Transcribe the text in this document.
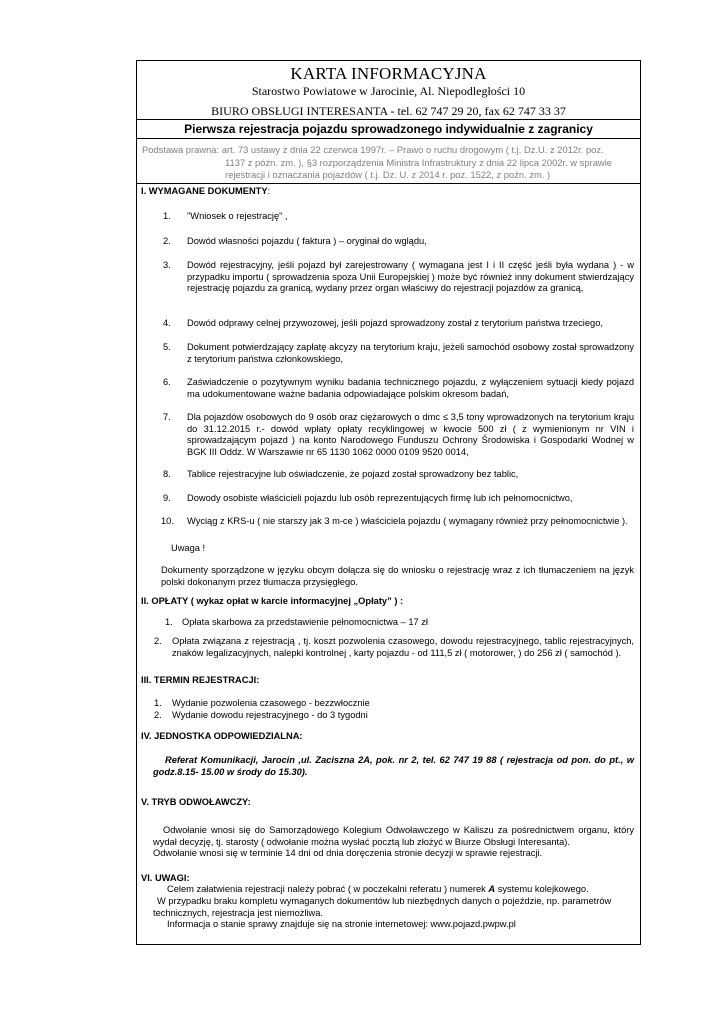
KARTA INFORMACYJNA
Starostwo Powiatowe w Jarocinie, Al. Niepodległości 10
BIURO OBSŁUGI INTERESANTA - tel. 62 747 29 20, fax 62 747 33 37
Pierwsza rejestracja pojazdu sprowadzonego indywidualnie z zagranicy
Podstawa prawna: art. 73 ustawy z dnia 22 czerwca 1997r. – Prawo o ruchu drogowym ( t.j. Dz.U. z 2012r. poz.
1137 z późn. zm. ), §3 rozporządzenia Ministra Infrastruktury z dnia 22 lipca 2002r. w sprawie
rejestracji i oznaczania pojazdów ( t.j. Dz. U. z 2014 r. poz. 1522, z poźn. zm. )
I. WYMAGANE DOKUMENTY:
1. "Wniosek o rejestrację" ,
2. Dowód własności pojazdu ( faktura ) – oryginał do wglądu,
3. Dowód rejestracyjny, jeśli pojazd był zarejestrowany ( wymagana jest I i II część jeśli była wydana ) - w przypadku importu ( sprowadzenia spoza Unii Europejskiej ) może być również inny dokument stwierdzający rejestrację pojazdu za granicą, wydany przez organ właściwy do rejestracji pojazdów za granicą,
4. Dowód odprawy celnej przywozowej, jeśli pojazd sprowadzony został z terytorium państwa trzeciego,
5. Dokument potwierdzający zapłatę akcyzy na terytorium kraju, jeżeli samochód osobowy został sprowadzony z terytorium państwa członkowskiego,
6. Zaświadczenie o pozytywnym wyniku badania technicznego pojazdu, z wyłączeniem sytuacji kiedy pojazd ma udokumentowane ważne badania odpowiadające polskim okresom badań,
7. Dla pojazdów osobowych do 9 osób oraz ciężarowych o dmc ≤ 3,5 tony wprowadzonych na terytorium kraju do 31.12.2015 r.- dowód wpłaty opłaty recyklingowej w kwocie 500 zł ( z wymienionym nr VIN i sprowadzającym pojazd ) na konto Narodowego Funduszu Ochrony Środowiska i Gospodarki Wodnej w BGK III Oddz. W Warszawie nr 65 1130 1062 0000 0109 9520 0014,
8. Tablice rejestracyjne lub oświadczenie, że pojazd został sprowadzony bez tablic,
9. Dowody osobiste właścicieli pojazdu lub osób reprezentujących firmę lub ich pełnomocnictwo,
10. Wyciąg z KRS-u ( nie starszy jak 3 m-ce ) właściciela pojazdu ( wymagany również przy pełnomocnictwie ).
Uwaga !
Dokumenty sporządzone w języku obcym dołącza się do wniosku o rejestrację wraz z ich tłumaczeniem na język polski dokonanym przez tłumacza przysięgłego.
II. OPŁATY ( wykaz opłat w karcie informacyjnej „Opłaty” ) :
1. Opłata skarbowa za przedstawienie pełnomocnictwa – 17 zł
2. Opłata związana z rejestracją , tj. koszt pozwolenia czasowego, dowodu rejestracyjnego, tablic rejestracyjnych, znaków legalizacyjnych, nalepki kontrolnej , karty pojazdu - od 111,5 zł ( motorower, ) do 256 zł ( samochód ).
III. TERMIN REJESTRACJI:
1. Wydanie pozwolenia czasowego - bezzwłocznie
2. Wydanie dowodu rejestracyjnego - do 3 tygodni
IV. JEDNOSTKA ODPOWIEDZIALNA:
Referat Komunikacji, Jarocin ,ul. Zaciszna 2A, pok. nr 2, tel. 62 747 19 88 ( rejestracja od pon. do pt., w godz.8.15- 15.00 w środy do 15.30).
V. TRYB ODWOŁAWCZY:
Odwołanie wnosi się do Samorządowego Kolegium Odwoławczego w Kaliszu za pośrednictwem organu, który wydał decyzję, tj. starosty ( odwołanie można wysłać pocztą lub złożyć w Biurze Obsługi Interesanta).
Odwołanie wnosi się w terminie 14 dni od dnia doręczenia stronie decyzji w sprawie rejestracji.
VI. UWAGI:
Celem załatwienia rejestracji należy pobrać ( w poczekalni referatu ) numerek A systemu kolejkowego.
W przypadku braku kompletu wymaganych dokumentów lub niezbędnych danych o pojeździe, np. parametrów technicznych, rejestracja jest niemożliwa.
Informacja o stanie sprawy znajduje się na stronie internetowej: www.pojazd.pwpw.pl
